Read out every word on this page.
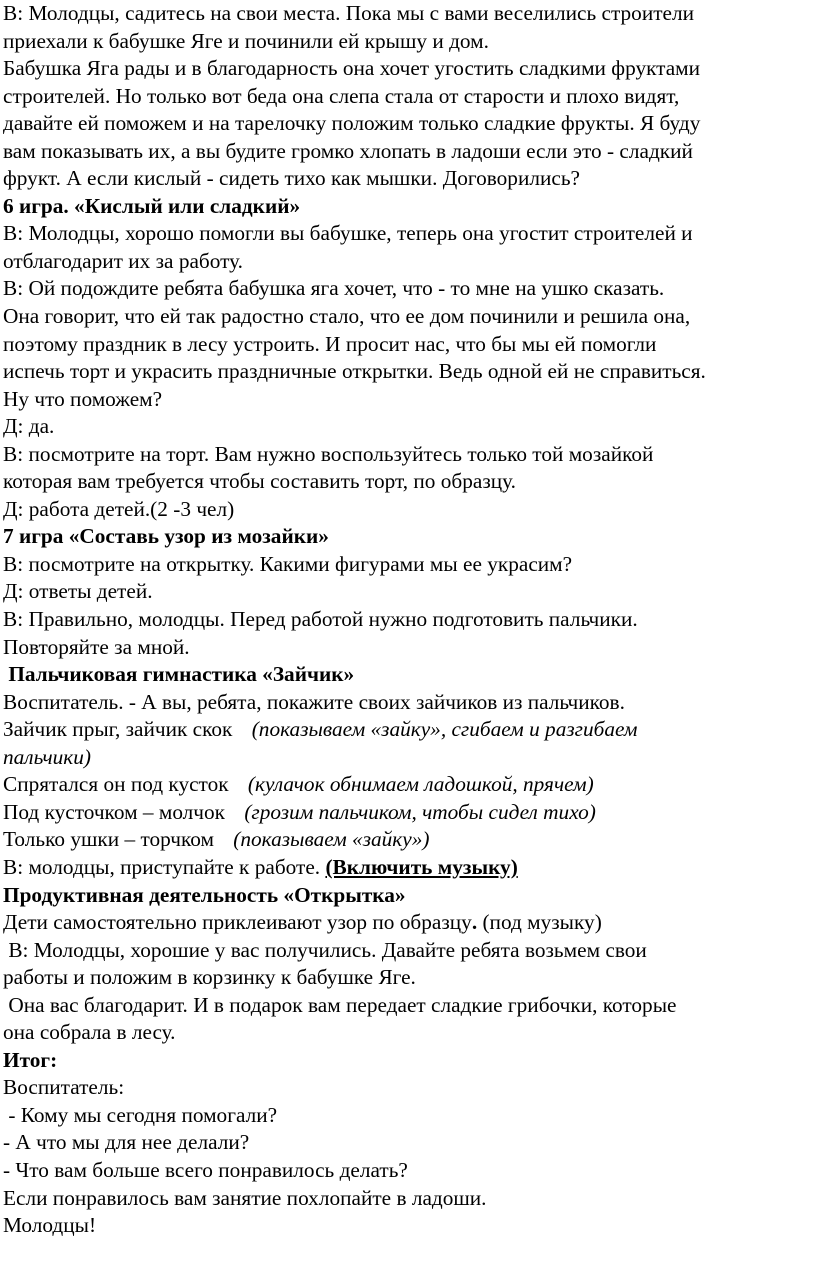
В: Молодцы, садитесь на свои места. Пока мы с вами веселились строители
приехали к бабушке Яге и починили ей крышу и дом.
Бабушка Яга рады и в благодарность она хочет угостить сладкими фруктами
строителей. Но только вот беда она слепа стала от старости и плохо видят,
давайте ей поможем и на тарелочку положим только сладкие фрукты. Я буду
вам показывать их, а вы будите громко хлопать в ладоши если это - сладкий
фрукт. А если кислый - сидеть тихо как мышки. Договорились?
6 игра. «Кислый или сладкий»
В: Молодцы, хорошо помогли вы бабушке, теперь она угостит строителей и
отблагодарит их за работу.
В: Ой подождите ребята бабушка яга хочет, что - то мне на ушко сказать.
Она говорит, что ей так радостно стало, что ее дом починили и решила она,
поэтому праздник в лесу устроить. И просит нас, что бы мы ей помогли
испечь торт и украсить праздничные открытки. Ведь одной ей не справиться.
Ну что поможем?
Д: да.
В: посмотрите на торт. Вам нужно воспользуйтесь только той мозайкой
которая вам требуется чтобы составить торт, по образцу.
Д: работа детей.(2 -3 чел)
7 игра «Составь узор из мозайки»
В: посмотрите на открытку. Какими фигурами мы ее украсим?
Д: ответы детей.
В: Правильно, молодцы. Перед работой нужно подготовить пальчики.
Повторяйте за мной.
Пальчиковая гимнастика «Зайчик»
Воспитатель. - А вы, ребята, покажите своих зайчиков из пальчиков.
Зайчик прыг, зайчик скок (показываем «зайку», сгибаем и разгибаем
пальчики)
Спрятался он под кусток (кулачок обнимаем ладошкой, прячем)
Под кусточком – молчок (грозим пальчиком, чтобы сидел тихо)
Только ушки – торчком (показываем «зайку»)
В: молодцы, приступайте к работе. (Включить музыку)
Продуктивная деятельность «Открытка»
Дети самостоятельно приклеивают узор по образцу. (под музыку)
В: Молодцы, хорошие у вас получились. Давайте ребята возьмем свои
работы и положим в корзинку к бабушке Яге.
Она вас благодарит. И в подарок вам передает сладкие грибочки, которые
она собрала в лесу.
Итог:
Воспитатель:
- Кому мы сегодня помогали?
- А что мы для нее делали?
- Что вам больше всего понравилось делать?
Если понравилось вам занятие похлопайте в ладоши.
Молодцы!
